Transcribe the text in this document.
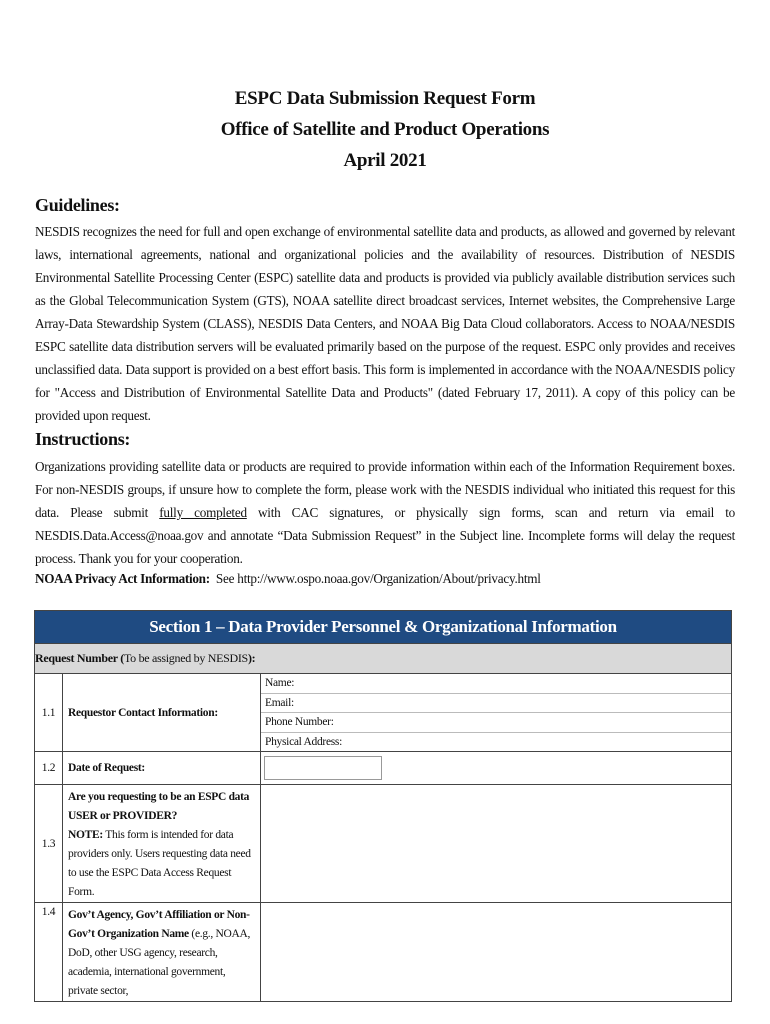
ESPC Data Submission Request Form
Office of Satellite and Product Operations
April 2021
Guidelines:
NESDIS recognizes the need for full and open exchange of environmental satellite data and products, as allowed and governed by relevant laws, international agreements, national and organizational policies and the availability of resources. Distribution of NESDIS Environmental Satellite Processing Center (ESPC) satellite data and products is provided via publicly available distribution services such as the Global Telecommunication System (GTS), NOAA satellite direct broadcast services, Internet websites, the Comprehensive Large Array-Data Stewardship System (CLASS), NESDIS Data Centers, and NOAA Big Data Cloud collaborators. Access to NOAA/NESDIS ESPC satellite data distribution servers will be evaluated primarily based on the purpose of the request. ESPC only provides and receives unclassified data. Data support is provided on a best effort basis. This form is implemented in accordance with the NOAA/NESDIS policy for "Access and Distribution of Environmental Satellite Data and Products" (dated February 17, 2011). A copy of this policy can be provided upon request.
Instructions:
Organizations providing satellite data or products are required to provide information within each of the Information Requirement boxes. For non-NESDIS groups, if unsure how to complete the form, please work with the NESDIS individual who initiated this request for this data. Please submit fully completed with CAC signatures, or physically sign forms, scan and return via email to NESDIS.Data.Access@noaa.gov and annotate “Data Submission Request” in the Subject line. Incomplete forms will delay the request process. Thank you for your cooperation.
NOAA Privacy Act Information: See http://www.ospo.noaa.gov/Organization/About/privacy.html
Section 1 – Data Provider Personnel & Organizational Information		
Request Number (To be assigned by NESDIS):		
1.1	Requestor Contact Information:	Name:
Email:
Phone Number:
Physical Address:

1.2	Date of Request:	
1.3	Are you requesting to be an ESPC data USER or PROVIDER?
NOTE: This form is intended for data providers only. Users requesting data need to use the ESPC Data Access Request Form.	
1.4	Gov’t Agency, Gov’t Affiliation or Non-Gov’t Organization Name (e.g., NOAA, DoD, other USG agency, research, academia, international government, private sector,	
